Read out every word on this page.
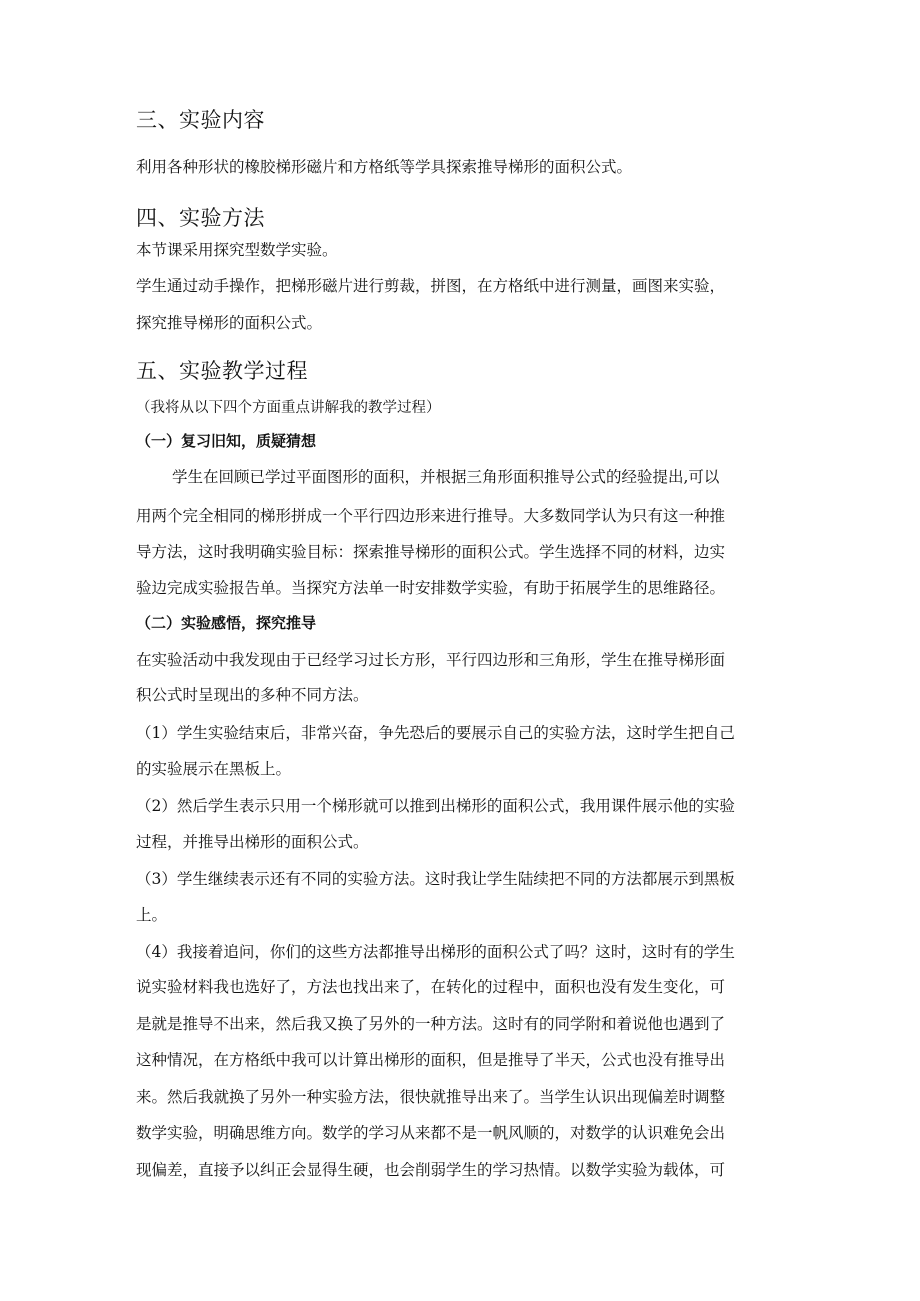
三、实验内容
利用各种形状的橡胶梯形磁片和方格纸等学具探索推导梯形的面积公式。
四、实验方法
本节课采用探究型数学实验。
学生通过动手操作，把梯形磁片进行剪裁，拼图，在方格纸中进行测量，画图来实验，
探究推导梯形的面积公式。
五、实验教学过程
（我将从以下四个方面重点讲解我的教学过程）
（一）复习旧知，质疑猜想
学生在回顾已学过平面图形的面积，并根据三角形面积推导公式的经验提出,可以
用两个完全相同的梯形拼成一个平行四边形来进行推导。大多数同学认为只有这一种推
导方法，这时我明确实验目标：探索推导梯形的面积公式。学生选择不同的材料，边实
验边完成实验报告单。当探究方法单一时安排数学实验，有助于拓展学生的思维路径。
（二）实验感悟，探究推导
在实验活动中我发现由于已经学习过长方形，平行四边形和三角形，学生在推导梯形面
积公式时呈现出的多种不同方法。
（1）学生实验结束后，非常兴奋，争先恐后的要展示自己的实验方法，这时学生把自己
的实验展示在黑板上。
（2）然后学生表示只用一个梯形就可以推到出梯形的面积公式，我用课件展示他的实验
过程，并推导出梯形的面积公式。
（3）学生继续表示还有不同的实验方法。这时我让学生陆续把不同的方法都展示到黑板
上。
（4）我接着追问，你们的这些方法都推导出梯形的面积公式了吗？这时，这时有的学生
说实验材料我也选好了，方法也找出来了，在转化的过程中，面积也没有发生变化，可
是就是推导不出来，然后我又换了另外的一种方法。这时有的同学附和着说他也遇到了
这种情况，在方格纸中我可以计算出梯形的面积，但是推导了半天，公式也没有推导出
来。然后我就换了另外一种实验方法，很快就推导出来了。当学生认识出现偏差时调整
数学实验，明确思维方向。数学的学习从来都不是一帆风顺的，对数学的认识难免会出
现偏差，直接予以纠正会显得生硬，也会削弱学生的学习热情。以数学实验为载体，可
